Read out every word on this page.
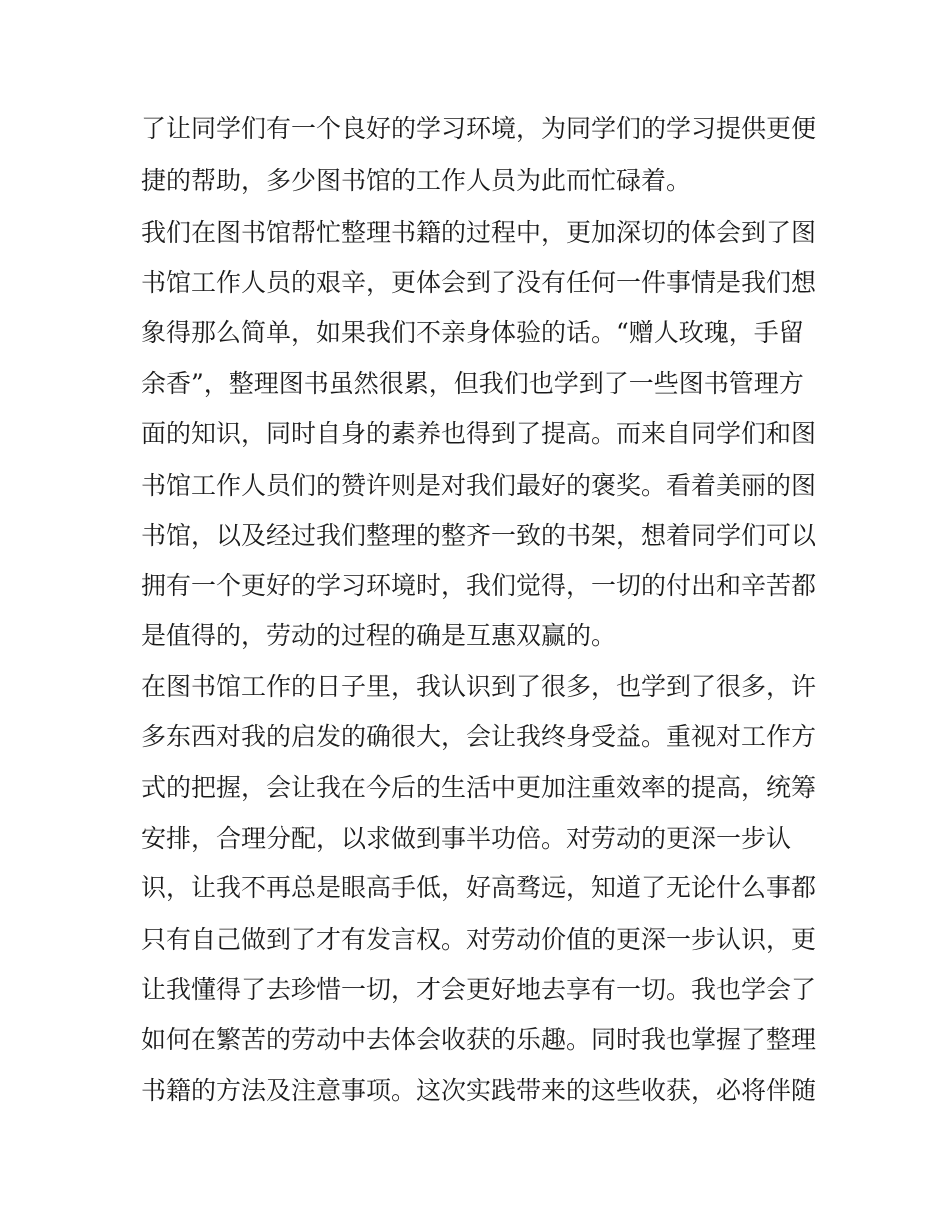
了让同学们有一个良好的学习环境，为同学们的学习提供更便
捷的帮助，多少图书馆的工作人员为此而忙碌着。
我们在图书馆帮忙整理书籍的过程中，更加深切的体会到了图
书馆工作人员的艰辛，更体会到了没有任何一件事情是我们想
象得那么简单，如果我们不亲身体验的话。“赠人玫瑰，手留
余香”，整理图书虽然很累，但我们也学到了一些图书管理方
面的知识，同时自身的素养也得到了提高。而来自同学们和图
书馆工作人员们的赞许则是对我们最好的褒奖。看着美丽的图
书馆，以及经过我们整理的整齐一致的书架，想着同学们可以
拥有一个更好的学习环境时，我们觉得，一切的付出和辛苦都
是值得的，劳动的过程的确是互惠双赢的。
在图书馆工作的日子里，我认识到了很多，也学到了很多，许
多东西对我的启发的确很大，会让我终身受益。重视对工作方
式的把握，会让我在今后的生活中更加注重效率的提高，统筹
安排，合理分配，以求做到事半功倍。对劳动的更深一步认
识，让我不再总是眼高手低，好高骛远，知道了无论什么事都
只有自己做到了才有发言权。对劳动价值的更深一步认识，更
让我懂得了去珍惜一切，才会更好地去享有一切。我也学会了
如何在繁苦的劳动中去体会收获的乐趣。同时我也掌握了整理
书籍的方法及注意事项。这次实践带来的这些收获，必将伴随
